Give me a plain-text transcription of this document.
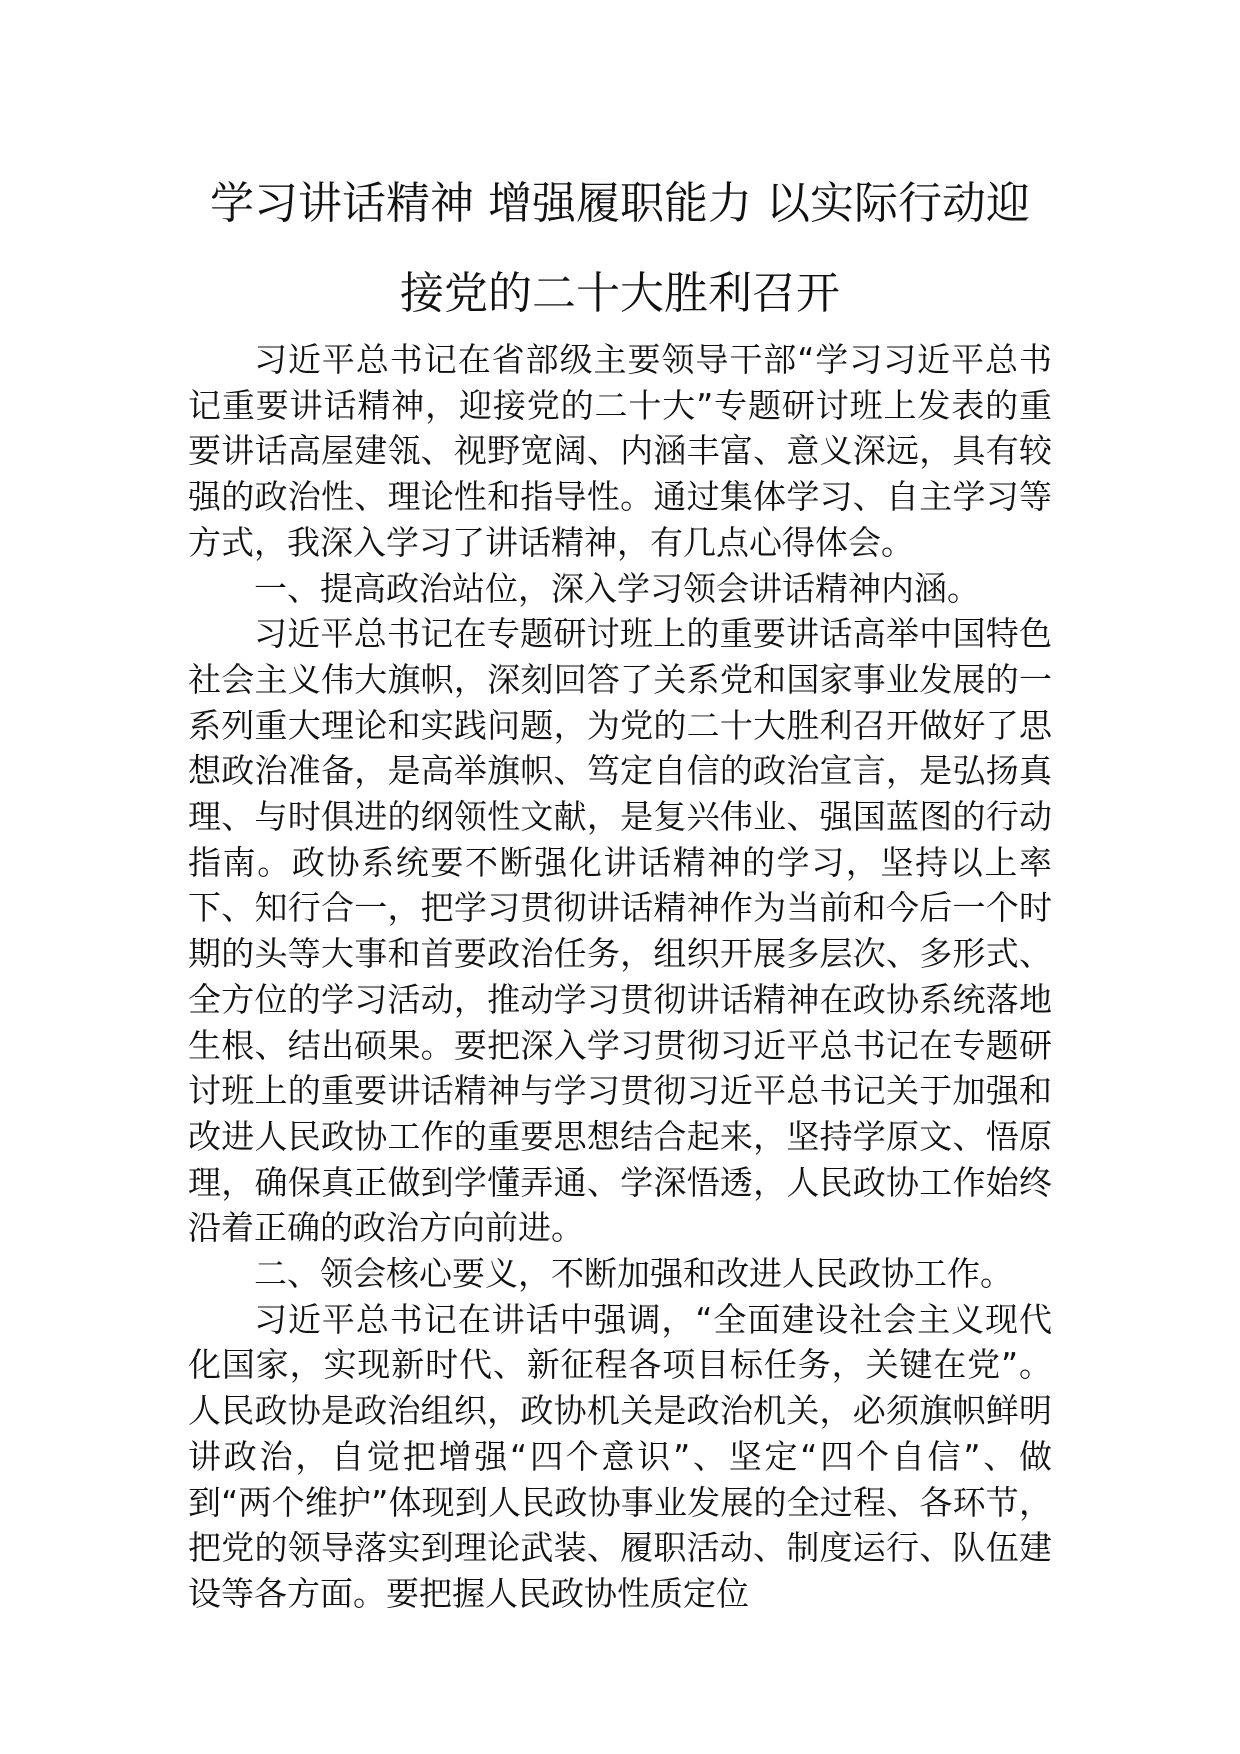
学习讲话精神 增强履职能力 以实际行动迎
接党的二十大胜利召开

习近平总书记在省部级主要领导干部“学习习近平总书记重要讲话精神，迎接党的二十大”专题研讨班上发表的重要讲话高屋建瓴、视野宽阔、内涵丰富、意义深远，具有较强的政治性、理论性和指导性。通过集体学习、自主学习等方式，我深入学习了讲话精神，有几点心得体会。

一、提高政治站位，深入学习领会讲话精神内涵。

习近平总书记在专题研讨班上的重要讲话高举中国特色社会主义伟大旗帜，深刻回答了关系党和国家事业发展的一系列重大理论和实践问题，为党的二十大胜利召开做好了思想政治准备，是高举旗帜、笃定自信的政治宣言，是弘扬真理、与时俱进的纲领性文献，是复兴伟业、强国蓝图的行动指南。政协系统要不断强化讲话精神的学习，坚持以上率下、知行合一，把学习贯彻讲话精神作为当前和今后一个时期的头等大事和首要政治任务，组织开展多层次、多形式、全方位的学习活动，推动学习贯彻讲话精神在政协系统落地生根、结出硕果。要把深入学习贯彻习近平总书记在专题研讨班上的重要讲话精神与学习贯彻习近平总书记关于加强和改进人民政协工作的重要思想结合起来，坚持学原文、悟原理，确保真正做到学懂弄通、学深悟透，人民政协工作始终沿着正确的政治方向前进。

二、领会核心要义，不断加强和改进人民政协工作。

习近平总书记在讲话中强调，“全面建设社会主义现代化国家，实现新时代、新征程各项目标任务，关键在党”。人民政协是政治组织，政协机关是政治机关，必须旗帜鲜明讲政治，自觉把增强“四个意识”、坚定“四个自信”、做到“两个维护”体现到人民政协事业发展的全过程、各环节，把党的领导落实到理论武装、履职活动、制度运行、队伍建设等各方面。要把握人民政协性质定位
